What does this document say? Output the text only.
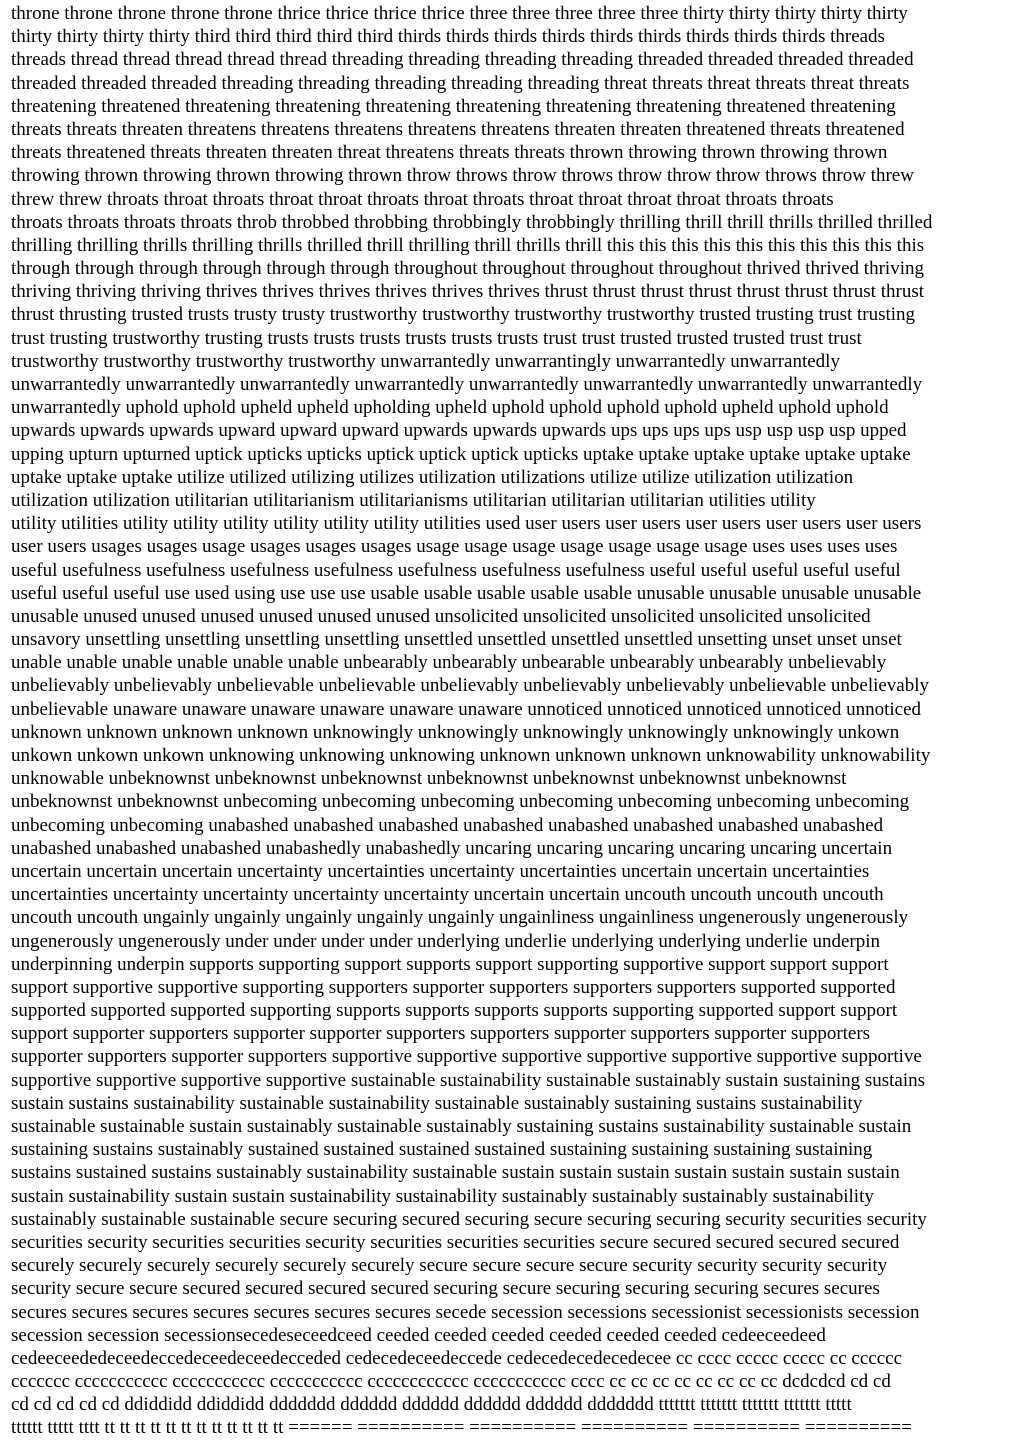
throne throne throne throne throne thrice thrice thrice thrice three three three three three thirty thirty thirty thirty thirty
thirty thirty thirty thirty third third third third third thirds thirds thirds thirds thirds thirds thirds thirds thirds threads
threads thread thread thread thread thread threading threading threading threading threaded threaded threaded threaded
threaded threaded threaded threading threading threading threading threading threat threats threat threats threat threats
threatening threatened threatening threatening threatening threatening threatening threatening threatened threatening
threats threats threaten threatens threatens threatens threatens threatens threaten threaten threatened threats threatened
threats threatened threats threaten threaten threat threatens threats threats thrown throwing thrown throwing thrown
throwing thrown throwing thrown throwing thrown throw throws throw throws throw throw throw throws throw threw
threw threw throats throat throats throat throat throats throat throats throat throat throat throat throats throats
throats throats throats throats throb throbbed throbbing throbbingly throbbingly thrilling thrill thrill thrills thrilled thrilled
thrilling thrilling thrills thrilling thrills thrilled thrill thrilling thrill thrills thrill this this this this this this this this this this
through through through through through through throughout throughout throughout throughout thrived thrived thriving
thriving thriving thriving thrives thrives thrives thrives thrives thrives thrust thrust thrust thrust thrust thrust thrust thrust
thrust thrusting trusted trusts trusty trusty trustworthy trustworthy trustworthy trustworthy trusted trusting trust trusting
trust trusting trustworthy trusting trusts trusts trusts trusts trusts trusts trust trust trusted trusted trusted trust trust
trustworthy trustworthy trustworthy trustworthy unwarrantedly unwarrantingly unwarrantedly unwarrantedly
unwarrantedly unwarrantedly unwarrantedly unwarrantedly unwarrantedly unwarrantedly unwarrantedly unwarrantedly
unwarrantedly uphold uphold upheld upheld upholding upheld uphold uphold uphold uphold upheld uphold uphold
upwards upwards upwards upward upward upward upwards upwards upwards ups ups ups ups usp usp usp usp upped
upping upturn upturned uptick upticks upticks uptick uptick uptick upticks uptake uptake uptake uptake uptake uptake
uptake uptake uptake utilize utilized utilizing utilizes utilization utilizations utilize utilize utilization utilization
utilization utilization utilitarian utilitarianism utilitarianisms utilitarian utilitarian utilitarian utilities utility
utility utilities utility utility utility utility utility utility utilities used user users user users user users user users user users
user users usages usages usage usages usages usages usage usage usage usage usage usage usage uses uses uses uses
useful usefulness usefulness usefulness usefulness usefulness usefulness usefulness useful useful useful useful useful
useful useful useful use used using use use use usable usable usable usable usable unusable unusable unusable unusable
unusable unused unused unused unused unused unused unsolicited unsolicited unsolicited unsolicited unsolicited
unsavory unsettling unsettling unsettling unsettling unsettled unsettled unsettled unsettled unsetting unset unset unset
unable unable unable unable unable unable unbearably unbearably unbearable unbearably unbearably unbelievably
unbelievably unbelievably unbelievable unbelievable unbelievably unbelievably unbelievably unbelievable unbelievably
unbelievable unaware unaware unaware unaware unaware unaware unnoticed unnoticed unnoticed unnoticed unnoticed
unknown unknown unknown unknown unknowingly unknowingly unknowingly unknowingly unknowingly unkown
unkown unkown unkown unknowing unknowing unknowing unknown unknown unknown unknowability unknowability
unknowable unbeknownst unbeknownst unbeknownst unbeknownst unbeknownst unbeknownst unbeknownst
unbeknownst unbeknownst unbecoming unbecoming unbecoming unbecoming unbecoming unbecoming unbecoming
unbecoming unbecoming unabashed unabashed unabashed unabashed unabashed unabashed unabashed unabashed
unabashed unabashed unabashed unabashedly unabashedly uncaring uncaring uncaring uncaring uncaring uncertain
uncertain uncertain uncertain uncertainty uncertainties uncertainty uncertainties uncertain uncertain uncertainties
uncertainties uncertainty uncertainty uncertainty uncertainty uncertain uncertain uncouth uncouth uncouth uncouth
uncouth uncouth ungainly ungainly ungainly ungainly ungainly ungainliness ungainliness ungenerously ungenerously
ungenerously ungenerously under under under under underlying underlie underlying underlying underlie underpin
underpinning underpin supports supporting support supports support supporting supportive support support support
support supportive supportive supporting supporters supporter supporters supporters supporters supported supported
supported supported supported supporting supports supports supports supports supporting supported support support
support supporter supporters supporter supporter supporters supporters supporter supporters supporter supporters
supporter supporters supporter supporters supportive supportive supportive supportive supportive supportive supportive
supportive supportive supportive supportive sustainable sustainability sustainable sustainably sustain sustaining sustains
sustain sustains sustainability sustainable sustainability sustainable sustainably sustaining sustains sustainability
sustainable sustainable sustain sustainably sustainable sustainably sustaining sustains sustainability sustainable sustain
sustaining sustains sustainably sustained sustained sustained sustained sustaining sustaining sustaining sustaining
sustains sustained sustains sustainably sustainability sustainable sustain sustain sustain sustain sustain sustain sustain
sustain sustainability sustain sustain sustainability sustainability sustainably sustainably sustainably sustainability
sustainably sustainable sustainable secure securing secured securing secure securing securing security securities security
securities security securities securities security securities securities securities secure secured secured secured secured
securely securely securely securely securely securely secure secure secure secure security security security security
security secure secure secured secured secured secured securing secure securing securing securing secures secures
secures secures secures secures secures secures secures secede secession secessions secessionist secessionists secession
secession secession secessionsecedeseceedceed ceeded ceeded ceeded ceeded ceeded ceeded cedeeceedeed
cedeeceededeceedeccedeceedeceedecceded cedecedeceedeccede cedecedecedecedecee cc cccc ccccc ccccc cc cccccc
ccccccc ccccccccccc ccccccccccc ccccccccccc cccccccccccc ccccccccccc cccc cc cc cc cc cc cc cc cc dcdcdcd cd cd
cd cd cd cd cd ddiddidd ddiddidd ddddddd dddddd dddddd dddddd dddddd ddddddd ttttttt ttttttt ttttttt ttttttt ttttt
tttttt ttttt tttt tt tt tt tt tt tt tt tt tt tt tt tt ====== ========== ========== ========== ========== ==========
